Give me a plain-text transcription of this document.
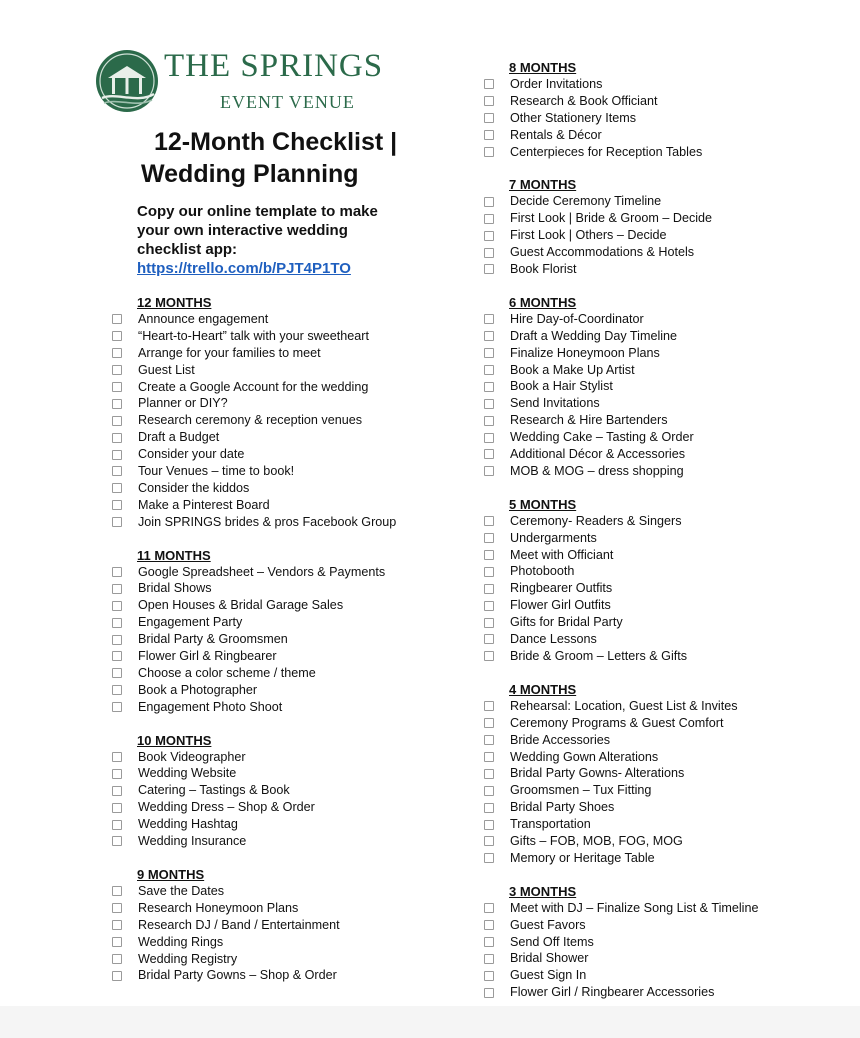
THE SPRINGS
EVENT VENUE
12-Month Checklist |
Wedding Planning
Copy our online template to make your own interactive wedding checklist app:
https://trello.com/b/PJT4P1TO
12 MONTHS
Announce engagement
“Heart-to-Heart” talk with your sweetheart
Arrange for your families to meet
Guest List
Create a Google Account for the wedding
Planner or DIY?
Research ceremony & reception venues
Draft a Budget
Consider your date
Tour Venues – time to book!
Consider the kiddos
Make a Pinterest Board
Join SPRINGS brides & pros Facebook Group
11 MONTHS
Google Spreadsheet – Vendors & Payments
Bridal Shows
Open Houses & Bridal Garage Sales
Engagement Party
Bridal Party & Groomsmen
Flower Girl & Ringbearer
Choose a color scheme / theme
Book a Photographer
Engagement Photo Shoot
10 MONTHS
Book Videographer
Wedding Website
Catering – Tastings & Book
Wedding Dress – Shop & Order
Wedding Hashtag
Wedding Insurance
9 MONTHS
Save the Dates
Research Honeymoon Plans
Research DJ / Band / Entertainment
Wedding Rings
Wedding Registry
Bridal Party Gowns – Shop & Order
8 MONTHS
Order Invitations
Research & Book Officiant
Other Stationery Items
Rentals & Décor
Centerpieces for Reception Tables
7 MONTHS
Decide Ceremony Timeline
First Look | Bride & Groom – Decide
First Look | Others – Decide
Guest Accommodations & Hotels
Book Florist
6 MONTHS
Hire Day-of-Coordinator
Draft a Wedding Day Timeline
Finalize Honeymoon Plans
Book a Make Up Artist
Book a Hair Stylist
Send Invitations
Research & Hire Bartenders
Wedding Cake – Tasting & Order
Additional Décor & Accessories
MOB & MOG – dress shopping
5 MONTHS
Ceremony- Readers & Singers
Undergarments
Meet with Officiant
Photobooth
Ringbearer Outfits
Flower Girl Outfits
Gifts for Bridal Party
Dance Lessons
Bride & Groom – Letters & Gifts
4 MONTHS
Rehearsal: Location, Guest List & Invites
Ceremony Programs & Guest Comfort
Bride Accessories
Wedding Gown Alterations
Bridal Party Gowns- Alterations
Groomsmen – Tux Fitting
Bridal Party Shoes
Transportation
Gifts – FOB, MOB, FOG, MOG
Memory or Heritage Table
3 MONTHS
Meet with DJ – Finalize Song List & Timeline
Guest Favors
Send Off Items
Bridal Shower
Guest Sign In
Flower Girl / Ringbearer Accessories
